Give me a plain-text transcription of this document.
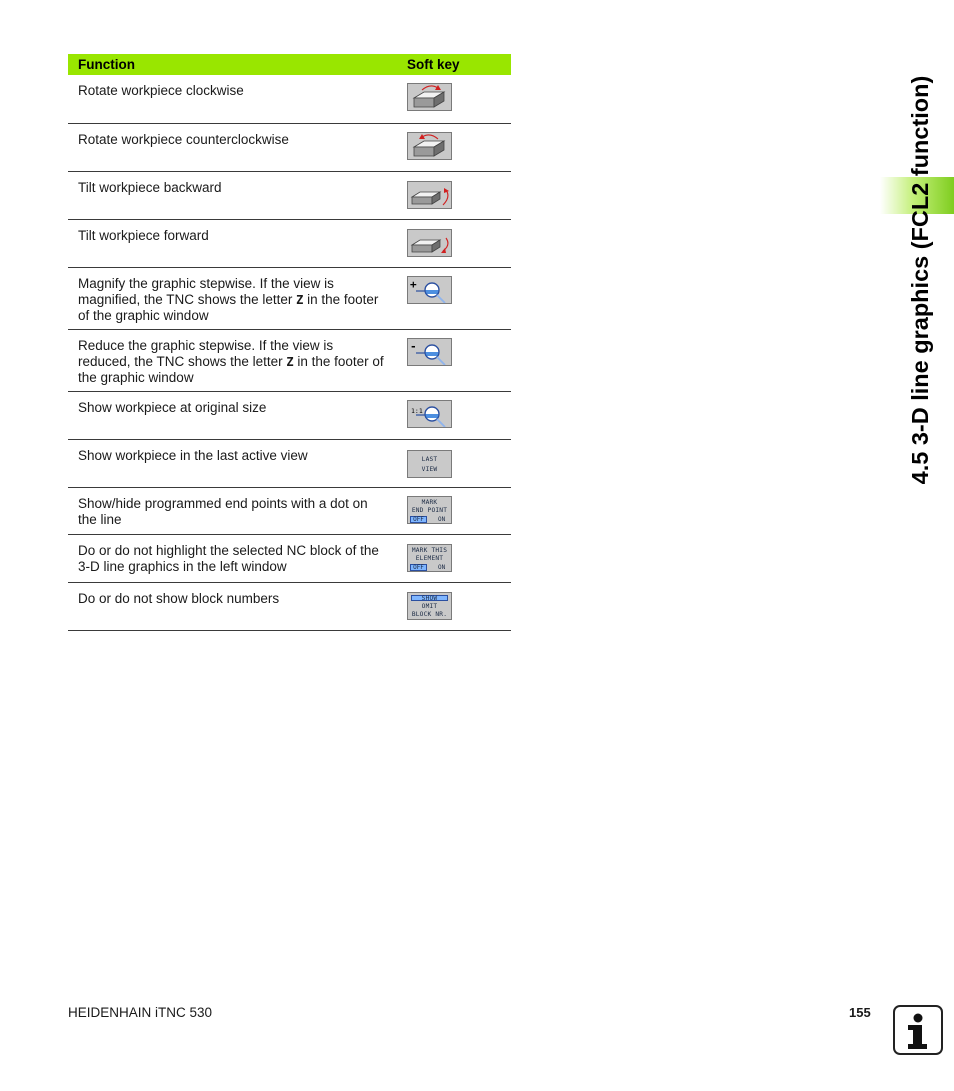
Function	Soft key
Rotate workpiece clockwise	

Rotate workpiece counterclockwise	

Tilt workpiece backward	

Tilt workpiece forward	

Magnify the graphic stepwise. If the view is magnified, the TNC shows the letter Z in the footer of the graphic window	+

Reduce the graphic stepwise. If the view is reduced, the TNC shows the letter Z in the footer of the graphic window	-

Show workpiece at original size	1:1

Show workpiece in the last active view	LAST
VIEW

Show/hide programmed end points with a dot on the line	MARK
END POINT
OFF ON

Do or do not highlight the selected NC block of the 3-D line graphics in the left window	MARK THIS
ELEMENT
OFF ON

Do or do not show block numbers	SHOW
OMIT
BLOCK NR.
4.5 3-D line graphics (FCL2 function)
HEIDENHAIN iTNC 530	155
